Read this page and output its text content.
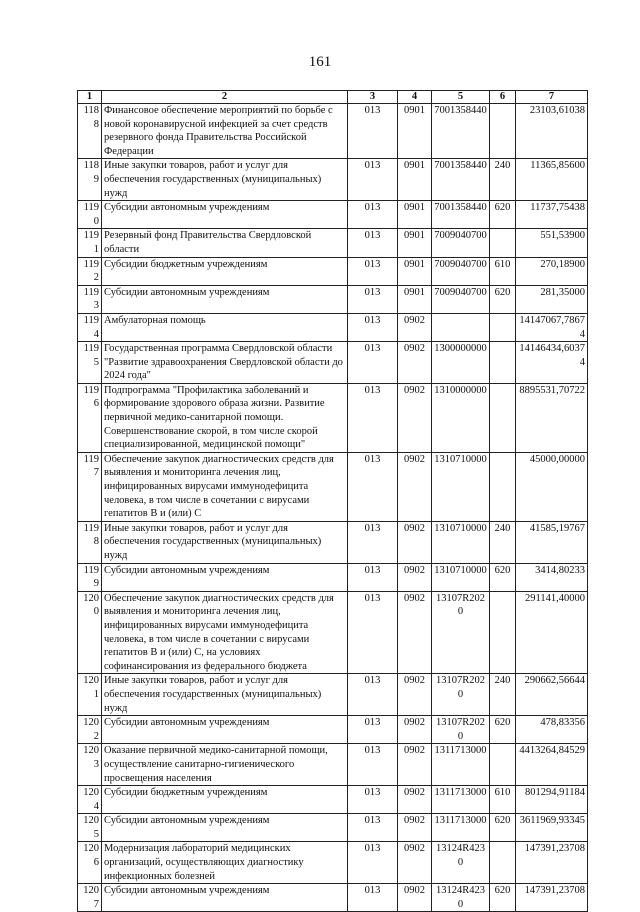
161
1	2	3	4	5	6	7
1188	Финансовое обеспечение мероприятий по борьбе с новой коронавирусной инфекцией за счет средств резервного фонда Правительства Российской Федерации	013	0901	7001358440		23103,61038
1189	Иные закупки товаров, работ и услуг для обеспечения государственных (муниципальных) нужд	013	0901	7001358440	240	11365,85600
1190	Субсидии автономным учреждениям	013	0901	7001358440	620	11737,75438
1191	Резервный фонд Правительства Свердловской области	013	0901	7009040700		551,53900
1192	Субсидии бюджетным учреждениям	013	0901	7009040700	610	270,18900
1193	Субсидии автономным учреждениям	013	0901	7009040700	620	281,35000
1194	Амбулаторная помощь	013	0902			14147067,78674
1195	Государственная программа Свердловской области "Развитие здравоохранения Свердловской области до 2024 года"	013	0902	1300000000		14146434,60374
1196	Подпрограмма "Профилактика заболеваний и формирование здорового образа жизни. Развитие первичной медико-санитарной помощи. Совершенствование скорой, в том числе скорой специализированной, медицинской помощи"	013	0902	1310000000		8895531,70722
1197	Обеспечение закупок диагностических средств для выявления и мониторинга лечения лиц, инфицированных вирусами иммунодефицита человека, в том числе в сочетании с вирусами гепатитов В и (или) С	013	0902	1310710000		45000,00000
1198	Иные закупки товаров, работ и услуг для обеспечения государственных (муниципальных) нужд	013	0902	1310710000	240	41585,19767
1199	Субсидии автономным учреждениям	013	0902	1310710000	620	3414,80233
1200	Обеспечение закупок диагностических средств для выявления и мониторинга лечения лиц, инфицированных вирусами иммунодефицита человека, в том числе в сочетании с вирусами гепатитов В и (или) С, на условиях софинансирования из федерального бюджета	013	0902	13107R2020		291141,40000
1201	Иные закупки товаров, работ и услуг для обеспечения государственных (муниципальных) нужд	013	0902	13107R2020	240	290662,56644
1202	Субсидии автономным учреждениям	013	0902	13107R2020	620	478,83356
1203	Оказание первичной медико-санитарной помощи, осуществление санитарно-гигиенического просвещения населения	013	0902	1311713000		4413264,84529
1204	Субсидии бюджетным учреждениям	013	0902	1311713000	610	801294,91184
1205	Субсидии автономным учреждениям	013	0902	1311713000	620	3611969,93345
1206	Модернизация лабораторий медицинских организаций, осуществляющих диагностику инфекционных болезней	013	0902	13124R4230		147391,23708
1207	Субсидии автономным учреждениям	013	0902	13124R4230	620	147391,23708
